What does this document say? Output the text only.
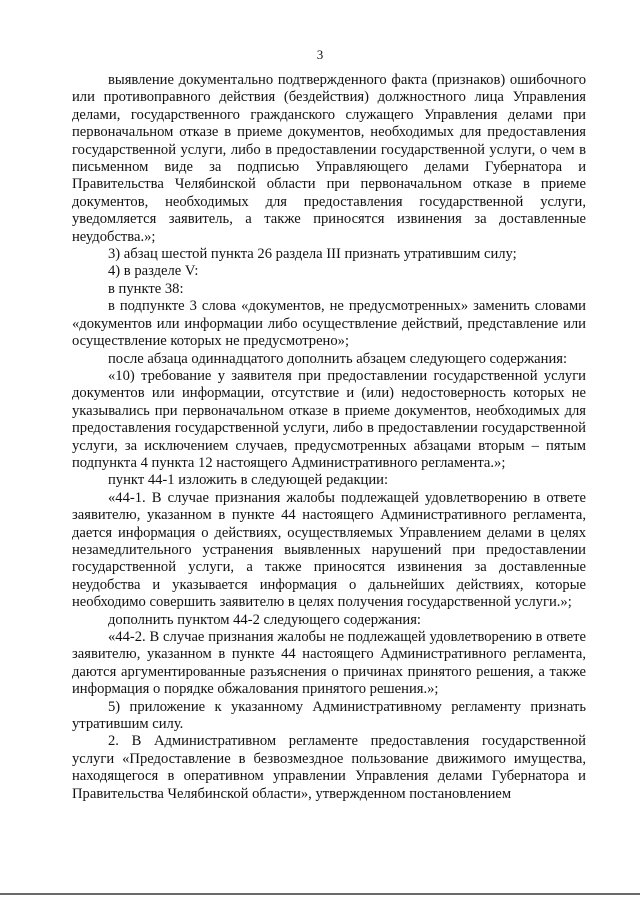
3

выявление документально подтвержденного факта (признаков) ошибочного или противоправного действия (бездействия) должностного лица Управления делами, государственного гражданского служащего Управления делами при первоначальном отказе в приеме документов, необходимых для предоставления государственной услуги, либо в предоставлении государственной услуги, о чем в письменном виде за подписью Управляющего делами Губернатора и Правительства Челябинской области при первоначальном отказе в приеме документов, необходимых для предоставления государственной услуги, уведомляется заявитель, а также приносятся извинения за доставленные неудобства.»;

3) абзац шестой пункта 26 раздела III признать утратившим силу;

4) в разделе V:

в пункте 38:

в подпункте 3 слова «документов, не предусмотренных» заменить словами «документов или информации либо осуществление действий, представление или осуществление которых не предусмотрено»;

после абзаца одиннадцатого дополнить абзацем следующего содержания:

«10) требование у заявителя при предоставлении государственной услуги документов или информации, отсутствие и (или) недостоверность которых не указывались при первоначальном отказе в приеме документов, необходимых для предоставления государственной услуги, либо в предоставлении государственной услуги, за исключением случаев, предусмотренных абзацами вторым – пятым подпункта 4 пункта 12 настоящего Административного регламента.»;

пункт 44-1 изложить в следующей редакции:

«44-1. В случае признания жалобы подлежащей удовлетворению в ответе заявителю, указанном в пункте 44 настоящего Административного регламента, дается информация о действиях, осуществляемых Управлением делами в целях незамедлительного устранения выявленных нарушений при предоставлении государственной услуги, а также приносятся извинения за доставленные неудобства и указывается информация о дальнейших действиях, которые необходимо совершить заявителю в целях получения государственной услуги.»;

дополнить пунктом 44-2 следующего содержания:

«44-2. В случае признания жалобы не подлежащей удовлетворению в ответе заявителю, указанном в пункте 44 настоящего Административного регламента, даются аргументированные разъяснения о причинах принятого решения, а также информация о порядке обжалования принятого решения.»;

5) приложение к указанному Административному регламенту признать утратившим силу.

2. В Административном регламенте предоставления государственной услуги «Предоставление в безвозмездное пользование движимого имущества, находящегося в оперативном управлении Управления делами Губернатора и Правительства Челябинской области», утвержденном постановлением
